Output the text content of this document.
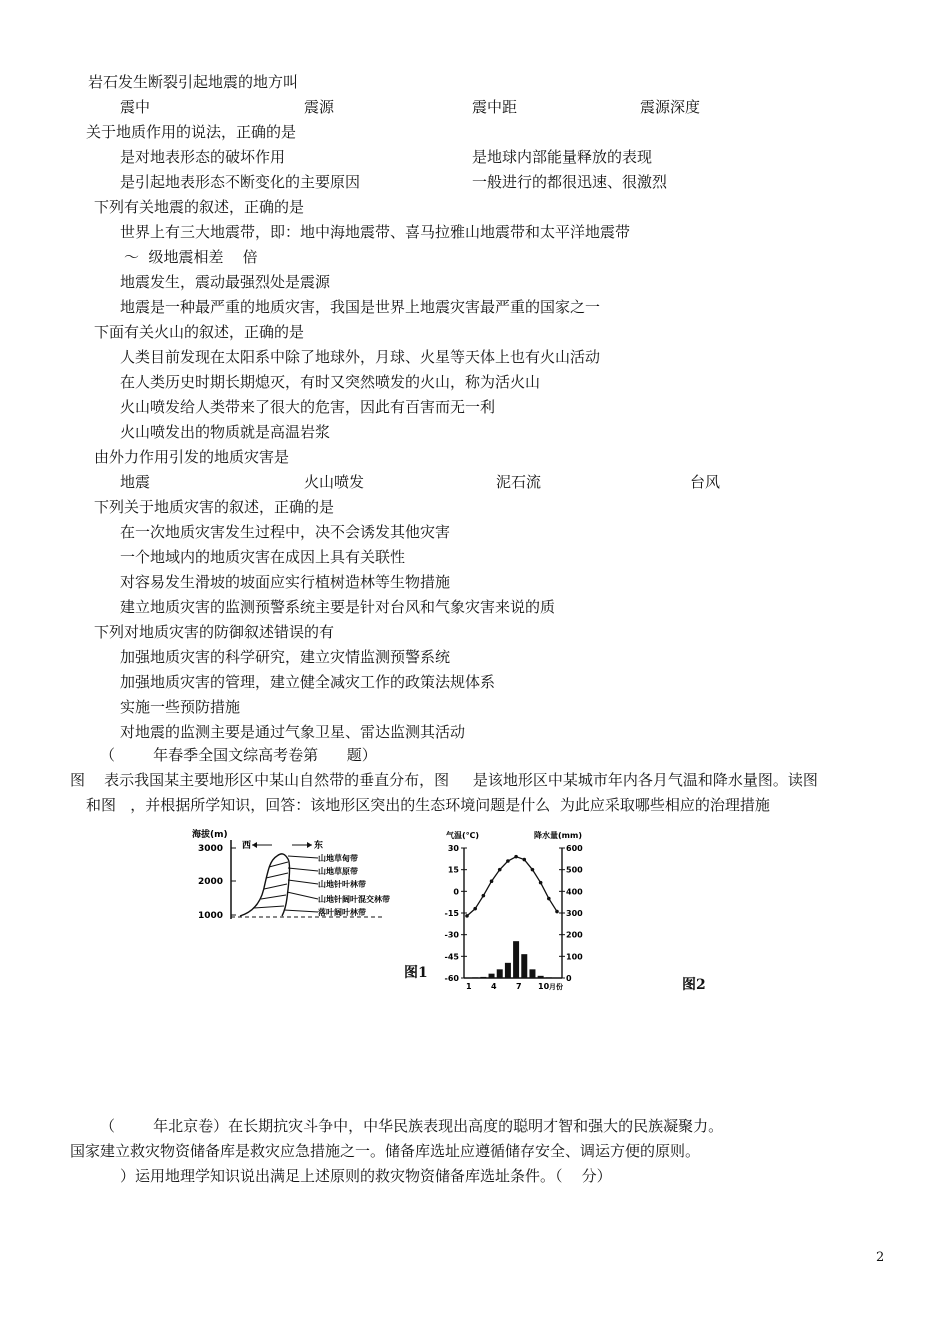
岩石发生断裂引起地震的地方叫
震中	震源	震中距	震源深度
关于地质作用的说法，正确的是
是对地表形态的破坏作用	是地球内部能量释放的表现
是引起地表形态不断变化的主要原因	一般进行的都很迅速、很激烈
下列有关地震的叙述，正确的是
世界上有三大地震带，即：地中海地震带、喜马拉雅山地震带和太平洋地震带
～  级地震相差    倍
地震发生，震动最强烈处是震源
地震是一种最严重的地质灾害，我国是世界上地震灾害最严重的国家之一
下面有关火山的叙述，正确的是
人类目前发现在太阳系中除了地球外，月球、火星等天体上也有火山活动
在人类历史时期长期熄灭，有时又突然喷发的火山，称为活火山
火山喷发给人类带来了很大的危害，因此有百害而无一利
火山喷发出的物质就是高温岩浆
由外力作用引发的地质灾害是
地震	火山喷发	泥石流	台风
下列关于地质灾害的叙述，正确的是
在一次地质灾害发生过程中，决不会诱发其他灾害
一个地域内的地质灾害在成因上具有关联性
对容易发生滑坡的坡面应实行植树造林等生物措施
建立地质灾害的监测预警系统主要是针对台风和气象灾害来说的质
下列对地质灾害的防御叙述错误的有
加强地质灾害的科学研究，建立灾情监测预警系统
加强地质灾害的管理，建立健全减灾工作的政策法规体系
实施一些预防措施
对地震的监测主要是通过气象卫星、雷达监测其活动
（        年春季全国文综高考卷第      题）
图    表示我国某主要地形区中某山自然带的垂直分布，图     是该地形区中某城市年内各月气温和降水量图。读图
和图   ，并根据所学知识，回答：该地形区突出的生态环境问题是什么  为此应采取哪些相应的治理措施
海拔(m)
3000
2000
1000
西	东
山地草甸带
山地草原带
山地针叶林带
山地针阔叶混交林带
落叶阔叶林带
图1
气温(℃)	降水量(mm)
30
15
0
-15
-30
-45
-60
600
500
400
300
200
100
0
1 4 7 10 月份	图2
（        年北京卷）在长期抗灾斗争中，中华民族表现出高度的聪明才智和强大的民族凝聚力。
国家建立救灾物资储备库是救灾应急措施之一。储备库选址应遵循储存安全、调运方便的原则。
）运用地理学知识说出满足上述原则的救灾物资储备库选址条件。（    分）
2
